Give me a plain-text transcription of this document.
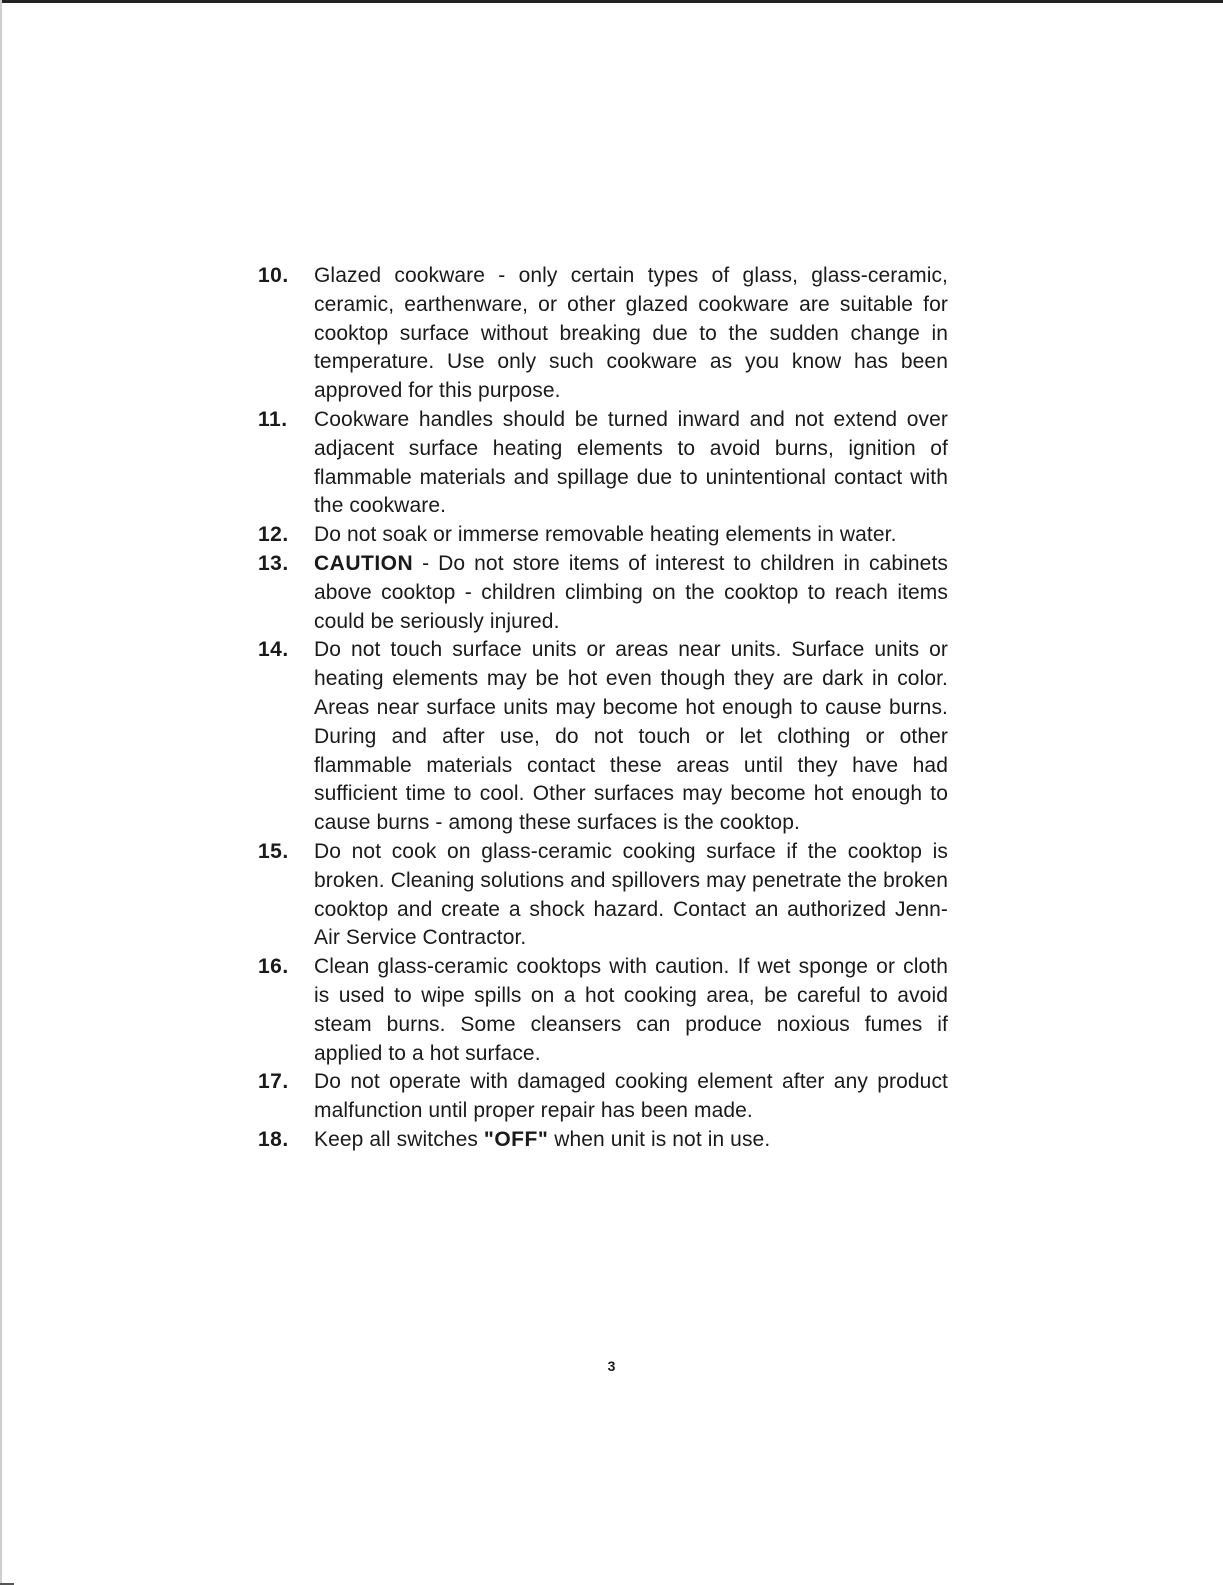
10.	Glazed cookware - only certain types of glass, glass-ceramic, ceramic, earthenware, or other glazed cookware are suitable for cooktop surface without breaking due to the sudden change in temperature. Use only such cookware as you know has been approved for this purpose.
11.	Cookware handles should be turned inward and not extend over adjacent surface heating elements to avoid burns, ignition of flammable materials and spillage due to unintentional contact with the cookware.
12.	Do not soak or immerse removable heating elements in water.
13.	CAUTION - Do not store items of interest to children in cabinets above cooktop - children climbing on the cooktop to reach items could be seriously injured.
14.	Do not touch surface units or areas near units. Surface units or heating elements may be hot even though they are dark in color. Areas near surface units may become hot enough to cause burns. During and after use, do not touch or let clothing or other flammable materials contact these areas until they have had sufficient time to cool. Other surfaces may become hot enough to cause burns - among these surfaces is the cooktop.
15.	Do not cook on glass-ceramic cooking surface if the cooktop is broken. Cleaning solutions and spillovers may penetrate the broken cooktop and create a shock hazard. Contact an authorized Jenn-Air Service Contractor.
16.	Clean glass-ceramic cooktops with caution. If wet sponge or cloth is used to wipe spills on a hot cooking area, be careful to avoid steam burns. Some cleansers can produce noxious fumes if applied to a hot surface.
17.	Do not operate with damaged cooking element after any product malfunction until proper repair has been made.
18.	Keep all switches "OFF" when unit is not in use.
3
